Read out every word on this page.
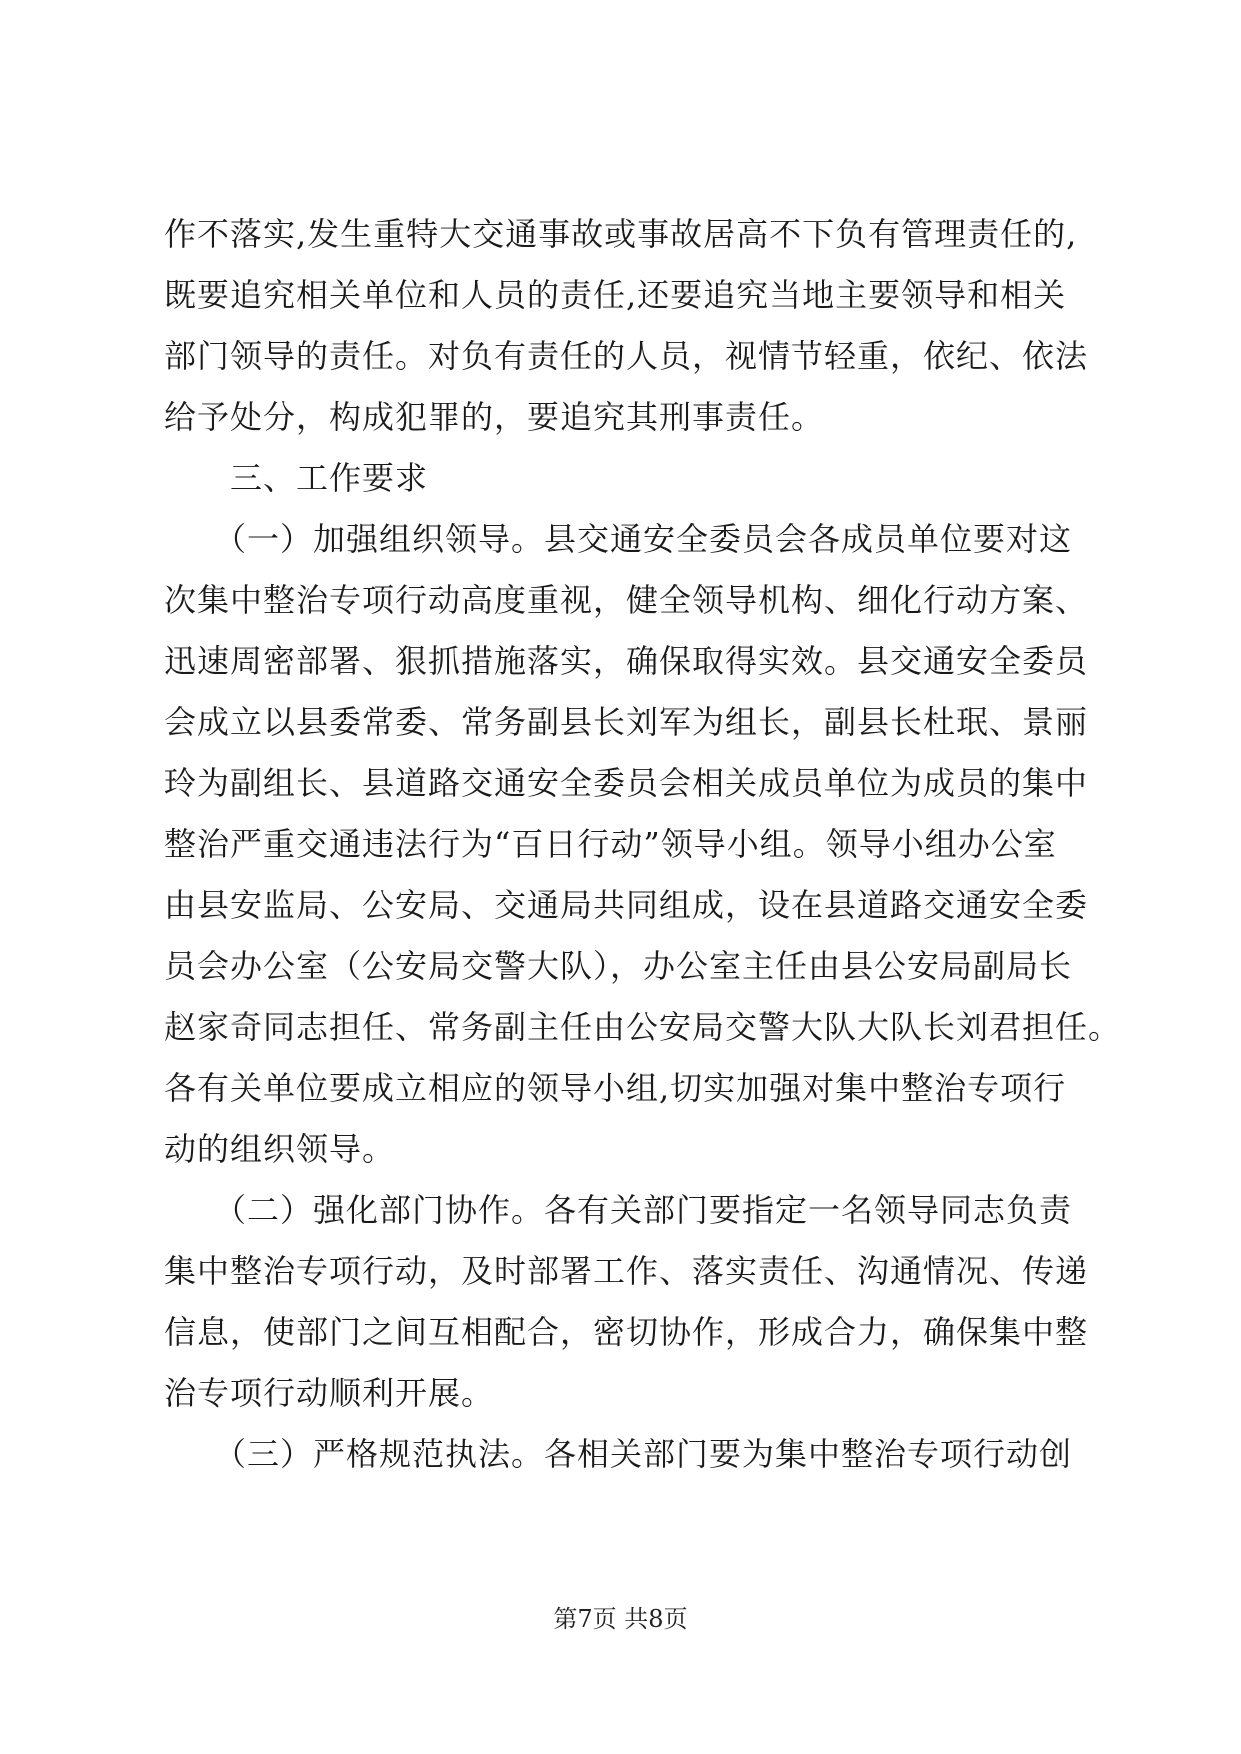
作不落实,发生重特大交通事故或事故居高不下负有管理责任的,
既要追究相关单位和人员的责任,还要追究当地主要领导和相关
部门领导的责任。对负有责任的人员，视情节轻重，依纪、依法
给予处分，构成犯罪的，要追究其刑事责任。
　　三、工作要求
　　（一）加强组织领导。县交通安全委员会各成员单位要对这
次集中整治专项行动高度重视，健全领导机构、细化行动方案、
迅速周密部署、狠抓措施落实，确保取得实效。县交通安全委员
会成立以县委常委、常务副县长刘军为组长，副县长杜珉、景丽
玲为副组长、县道路交通安全委员会相关成员单位为成员的集中
整治严重交通违法行为“百日行动”领导小组。领导小组办公室
由县安监局、公安局、交通局共同组成，设在县道路交通安全委
员会办公室（公安局交警大队），办公室主任由县公安局副局长
赵家奇同志担任、常务副主任由公安局交警大队大队长刘君担任。
各有关单位要成立相应的领导小组,切实加强对集中整治专项行
动的组织领导。
　　（二）强化部门协作。各有关部门要指定一名领导同志负责
集中整治专项行动，及时部署工作、落实责任、沟通情况、传递
信息，使部门之间互相配合，密切协作，形成合力，确保集中整
治专项行动顺利开展。
　　（三）严格规范执法。各相关部门要为集中整治专项行动创
第7页 共8页
